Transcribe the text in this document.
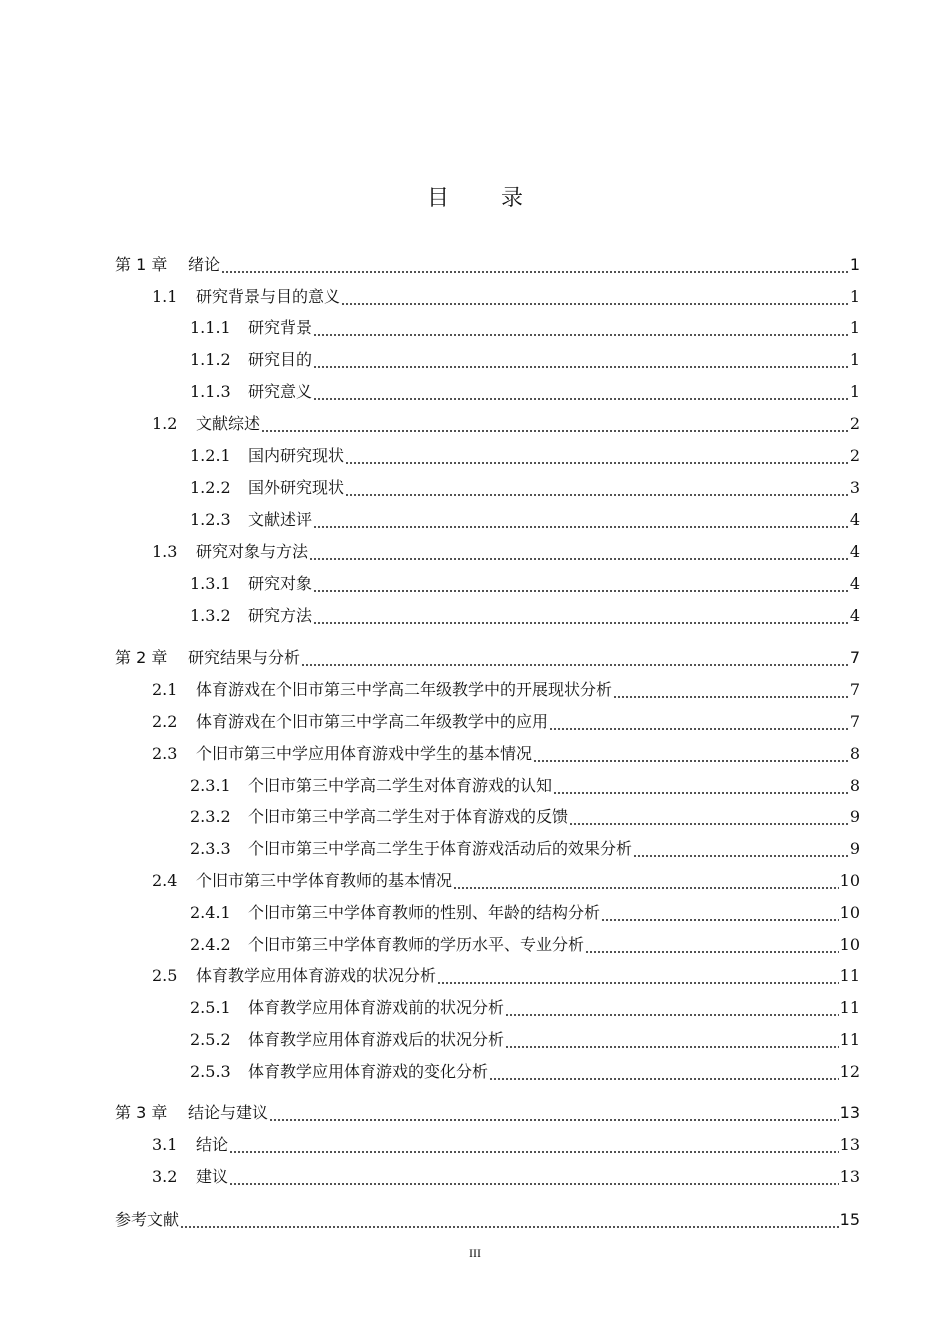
目 录
第 1 章	绪论	1
1.1	研究背景与目的意义	1
1.1.1	研究背景	1
1.1.2	研究目的	1
1.1.3	研究意义	1
1.2	文献综述	2
1.2.1	国内研究现状	2
1.2.2	国外研究现状	3
1.2.3	文献述评	4
1.3	研究对象与方法	4
1.3.1	研究对象	4
1.3.2	研究方法	4
第 2 章	研究结果与分析	7
2.1	体育游戏在个旧市第三中学高二年级教学中的开展现状分析	7
2.2	体育游戏在个旧市第三中学高二年级教学中的应用	7
2.3	个旧市第三中学应用体育游戏中学生的基本情况	8
2.3.1	个旧市第三中学高二学生对体育游戏的认知	8
2.3.2	个旧市第三中学高二学生对于体育游戏的反馈	9
2.3.3	个旧市第三中学高二学生于体育游戏活动后的效果分析	9
2.4	个旧市第三中学体育教师的基本情况	10
2.4.1	个旧市第三中学体育教师的性别、年龄的结构分析	10
2.4.2	个旧市第三中学体育教师的学历水平、专业分析	10
2.5	体育教学应用体育游戏的状况分析	11
2.5.1	体育教学应用体育游戏前的状况分析	11
2.5.2	体育教学应用体育游戏后的状况分析	11
2.5.3	体育教学应用体育游戏的变化分析	12
第 3 章	结论与建议	13
3.1	结论	13
3.2	建议	13
参考文献	15
III
